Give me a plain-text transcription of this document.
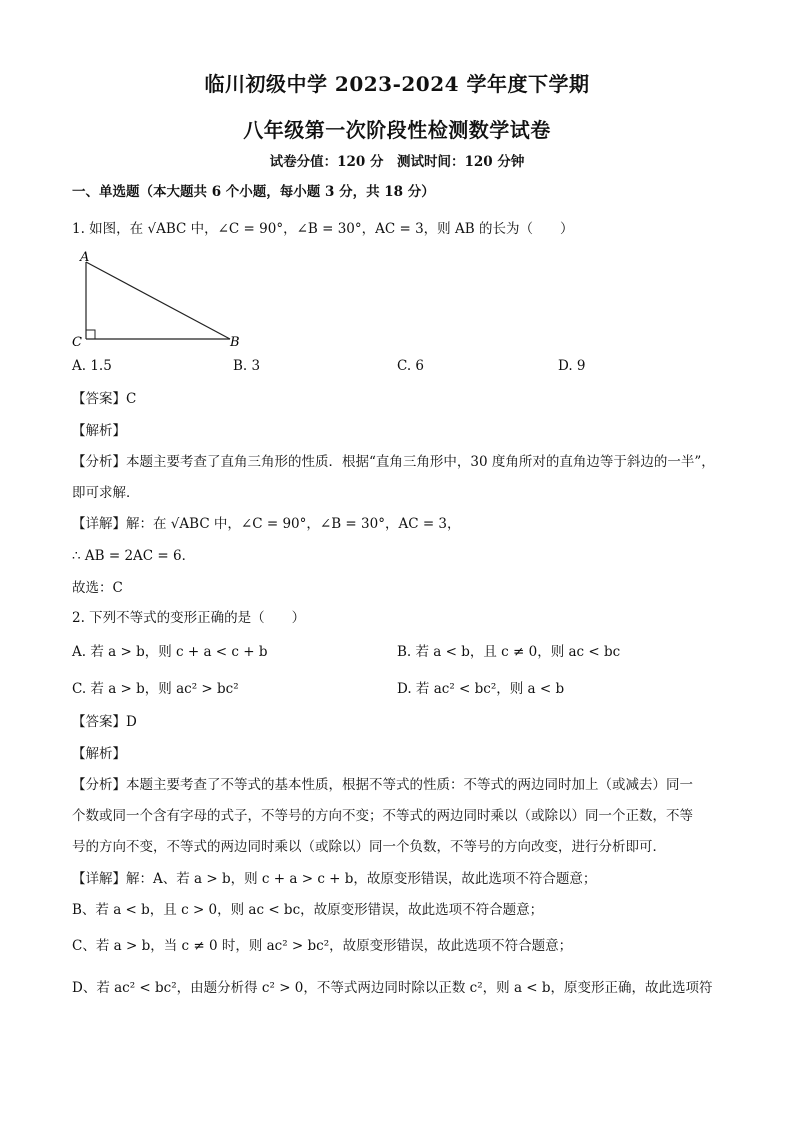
临川初级中学 2023-2024 学年度下学期
八年级第一次阶段性检测数学试卷
试卷分值：120 分　测试时间：120 分钟
一、单选题（本大题共 6 个小题，每小题 3 分，共 18 分）
1. 如图，在 √ABC 中，∠C = 90°，∠B = 30°，AC = 3，则 AB 的长为（　　）
A
C	B
A. 1.5	B. 3	C. 6	D. 9
【答案】C
【解析】
【分析】本题主要考查了直角三角形的性质．根据“直角三角形中，30 度角所对的直角边等于斜边的一半”，
即可求解．
【详解】解：在 √ABC 中，∠C = 90°，∠B = 30°，AC = 3，
∴ AB = 2AC = 6．
故选：C
2. 下列不等式的变形正确的是（　　）
A. 若 a > b，则 c + a < c + b	B. 若 a < b，且 c ≠ 0，则 ac < bc
C. 若 a > b，则 ac² > bc²	D. 若 ac² < bc²，则 a < b
【答案】D
【解析】
【分析】本题主要考查了不等式的基本性质，根据不等式的性质：不等式的两边同时加上（或减去）同一
个数或同一个含有字母的式子，不等号的方向不变；不等式的两边同时乘以（或除以）同一个正数，不等
号的方向不变，不等式的两边同时乘以（或除以）同一个负数，不等号的方向改变，进行分析即可．
【详解】解：A、若 a > b，则 c + a > c + b，故原变形错误，故此选项不符合题意；
B、若 a < b，且 c > 0，则 ac < bc，故原变形错误，故此选项不符合题意；
C、若 a > b，当 c ≠ 0 时，则 ac² > bc²，故原变形错误，故此选项不符合题意；
D、若 ac² < bc²，由题分析得 c² > 0，不等式两边同时除以正数 c²，则 a < b，原变形正确，故此选项符
